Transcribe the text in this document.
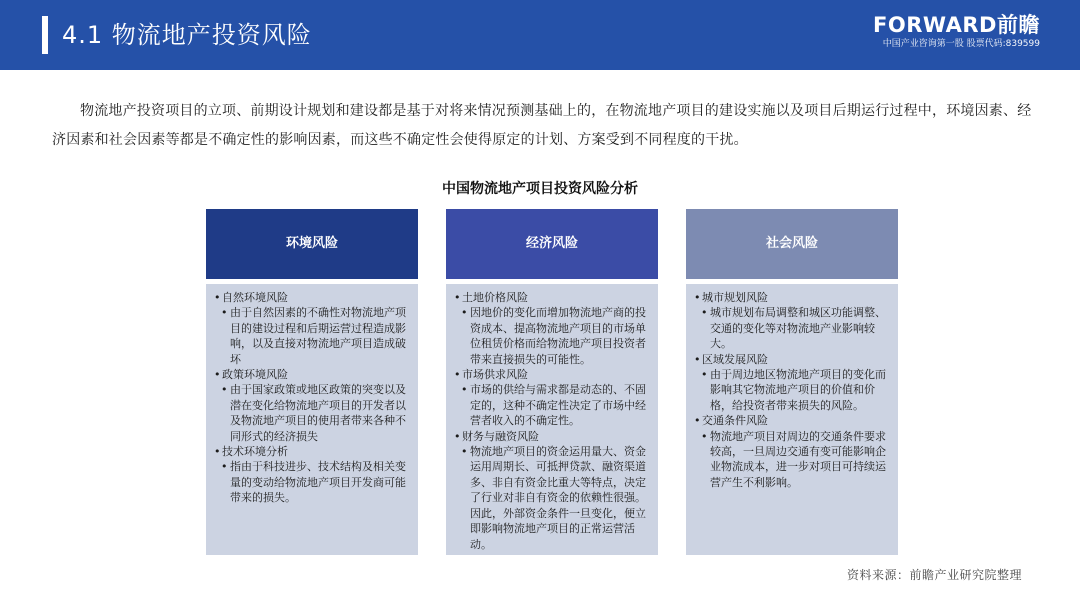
4.1 物流地产投资风险	FORWARD前瞻
中国产业咨询第一股 股票代码:839599
物流地产投资项目的立项、前期设计规划和建设都是基于对将来情况预测基础上的，在物流地产项目的建设实施以及项目后期运行过程中，环境因素、经济因素和社会因素等都是不确定性的影响因素，而这些不确定性会使得原定的计划、方案受到不同程度的干扰。
中国物流地产项目投资风险分析
环境风险
• 自然环境风险
• 由于自然因素的不确性对物流地产项目的建设过程和后期运营过程造成影响，以及直接对物流地产项目造成破坏
• 政策环境风险
• 由于国家政策或地区政策的突变以及潜在变化给物流地产项目的开发者以及物流地产项目的使用者带来各种不同形式的经济损失
• 技术环境分析
• 指由于科技进步、技术结构及相关变量的变动给物流地产项目开发商可能带来的损失。
经济风险
• 土地价格风险
• 因地价的变化而增加物流地产商的投资成本、提高物流地产项目的市场单位租赁价格而给物流地产项目投资者带来直接损失的可能性。
• 市场供求风险
• 市场的供给与需求都是动态的、不固定的，这种不确定性决定了市场中经营者收入的不确定性。
• 财务与融资风险
• 物流地产项目的资金运用量大、资金运用周期长、可抵押贷款、融资渠道多、非自有资金比重大等特点，决定了行业对非自有资金的依赖性很强。因此，外部资金条件一旦变化，便立即影响物流地产项目的正常运营活动。
社会风险
• 城市规划风险
• 城市规划布局调整和城区功能调整、交通的变化等对物流地产业影响较大。
• 区域发展风险
• 由于周边地区物流地产项目的变化而影响其它物流地产项目的价值和价格，给投资者带来损失的风险。
• 交通条件风险
• 物流地产项目对周边的交通条件要求较高，一旦周边交通有变可能影响企业物流成本，进一步对项目可持续运营产生不利影响。
资料来源：前瞻产业研究院整理
